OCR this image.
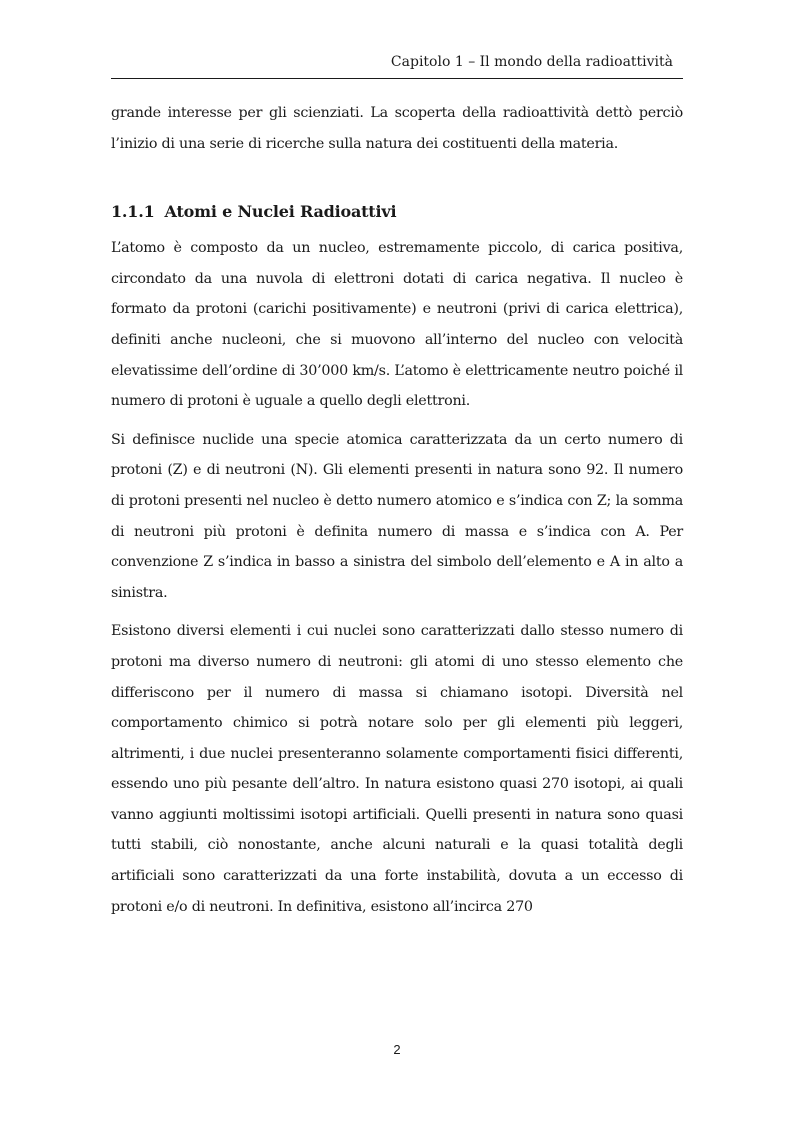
Capitolo 1 – Il mondo della radioattività

grande interesse per gli scienziati. La scoperta della radioattività dettò perciò l’inizio di una serie di ricerche sulla natura dei costituenti della materia.

1.1.1 Atomi e Nuclei Radioattivi

L’atomo è composto da un nucleo, estremamente piccolo, di carica positiva, circondato da una nuvola di elettroni dotati di carica negativa. Il nucleo è formato da protoni (carichi positivamente) e neutroni (privi di carica elettrica), definiti anche nucleoni, che si muovono all’interno del nucleo con velocità elevatissime dell’ordine di 30’000 km/s. L’atomo è elettricamente neutro poiché il numero di protoni è uguale a quello degli elettroni.

Si definisce nuclide una specie atomica caratterizzata da un certo numero di protoni (Z) e di neutroni (N). Gli elementi presenti in natura sono 92. Il numero di protoni presenti nel nucleo è detto numero atomico e s’indica con Z; la somma di neutroni più protoni è definita numero di massa e s’indica con A. Per convenzione Z s’indica in basso a sinistra del simbolo dell’elemento e A in alto a sinistra.

Esistono diversi elementi i cui nuclei sono caratterizzati dallo stesso numero di protoni ma diverso numero di neutroni: gli atomi di uno stesso elemento che differiscono per il numero di massa si chiamano isotopi. Diversità nel comportamento chimico si potrà notare solo per gli elementi più leggeri, altrimenti, i due nuclei presenteranno solamente comportamenti fisici differenti, essendo uno più pesante dell’altro. In natura esistono quasi 270 isotopi, ai quali vanno aggiunti moltissimi isotopi artificiali. Quelli presenti in natura sono quasi tutti stabili, ciò nonostante, anche alcuni naturali e la quasi totalità degli artificiali sono caratterizzati da una forte instabilità, dovuta a un eccesso di protoni e/o di neutroni. In definitiva, esistono all’incirca 270

2
